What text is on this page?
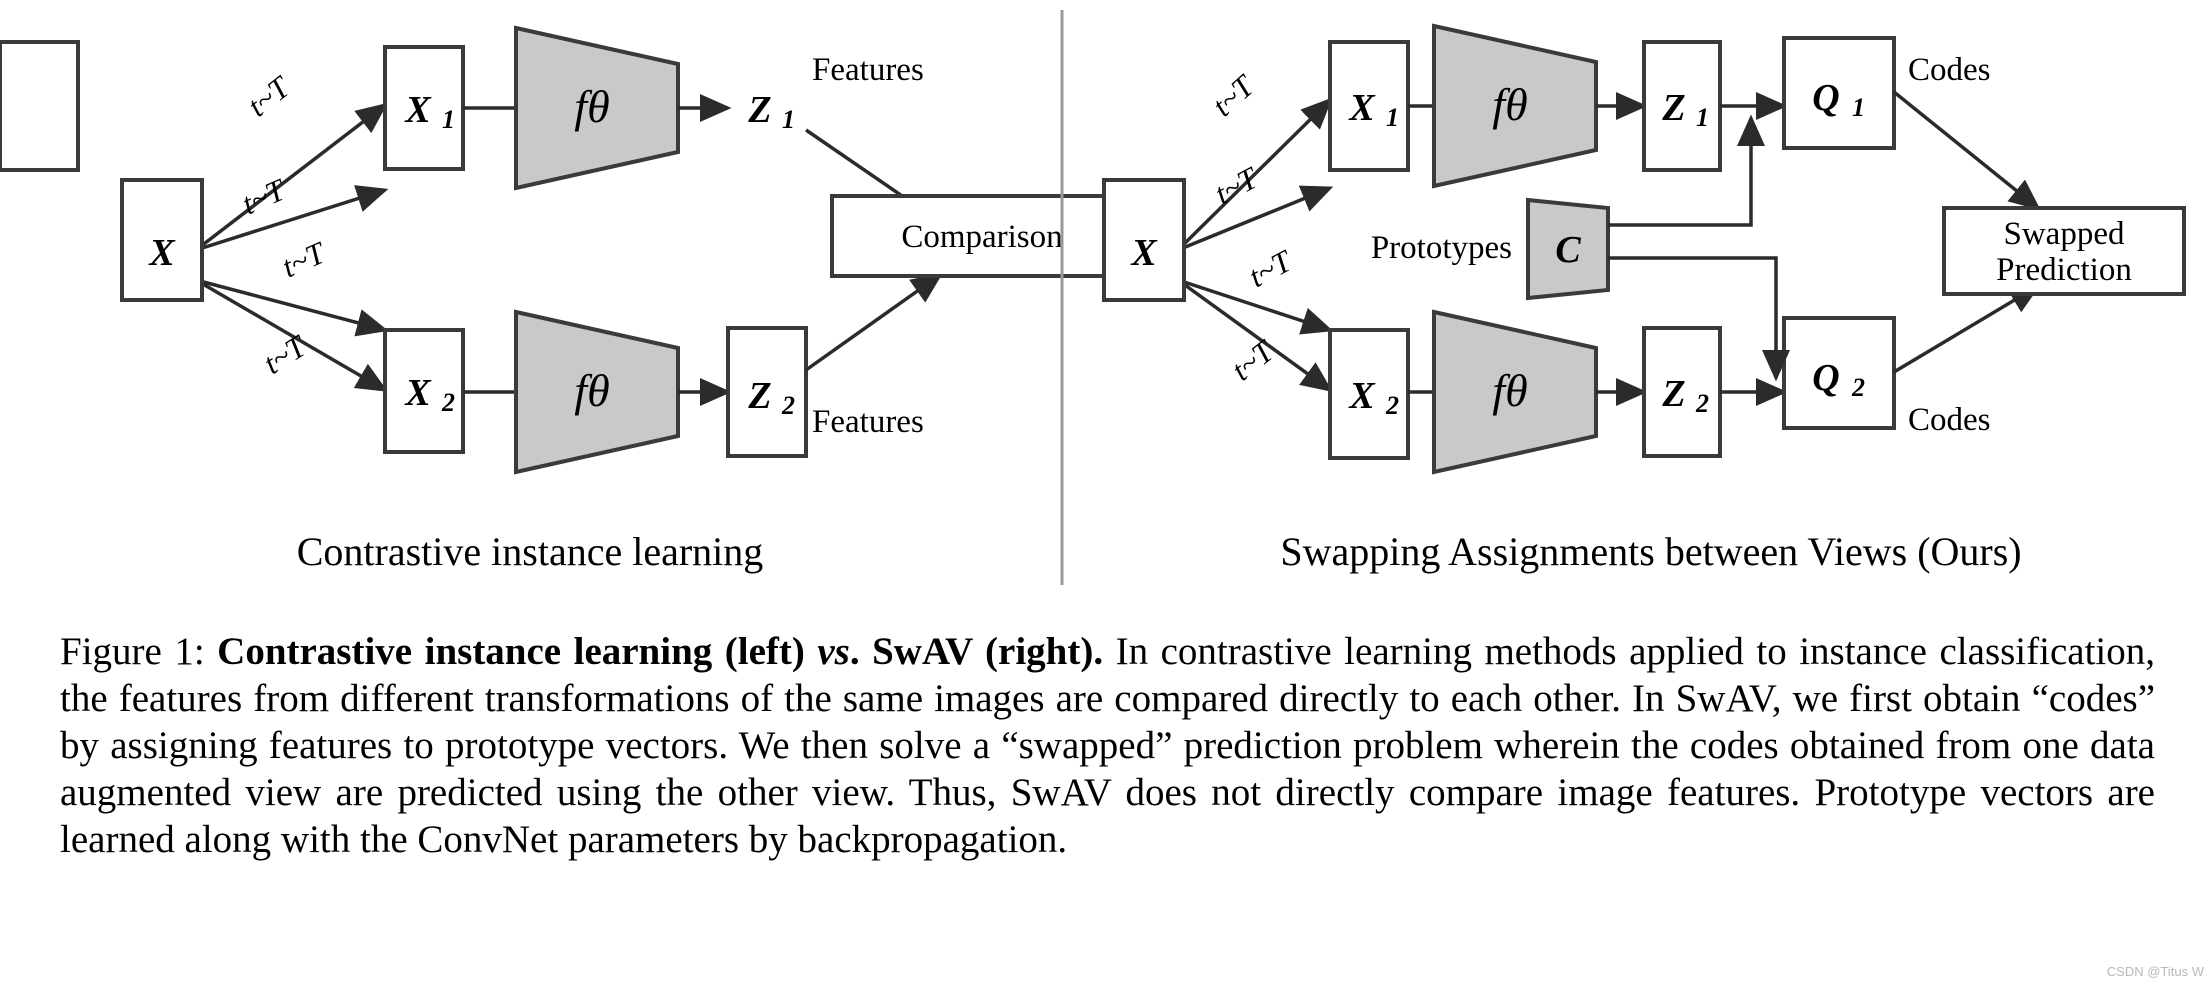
X
X 1
X 2
fθ	Z 1
fθ	Z 2
Comparison
t~T
t~T
t~T
t~T
Features
Features
X
X 1
X 2
fθ	Z 1
fθ	Z 2
Q 1
Q 2
C
Prototypes	Swapped
Prediction
t~T
t~T
t~T
t~T
Codes
Codes
Contrastive instance learning	Swapping Assignments between Views (Ours)
Figure 1: Contrastive instance learning (left) vs. SwAV (right). In contrastive learning methods applied to instance classification, the features from different transformations of the same images are compared directly to each other. In SwAV, we first obtain “codes” by assigning features to prototype vectors. We then solve a “swapped” prediction problem wherein the codes obtained from one data augmented view are predicted using the other view. Thus, SwAV does not directly compare image features. Prototype vectors are learned along with the ConvNet parameters by backpropagation.
CSDN @Titus W
